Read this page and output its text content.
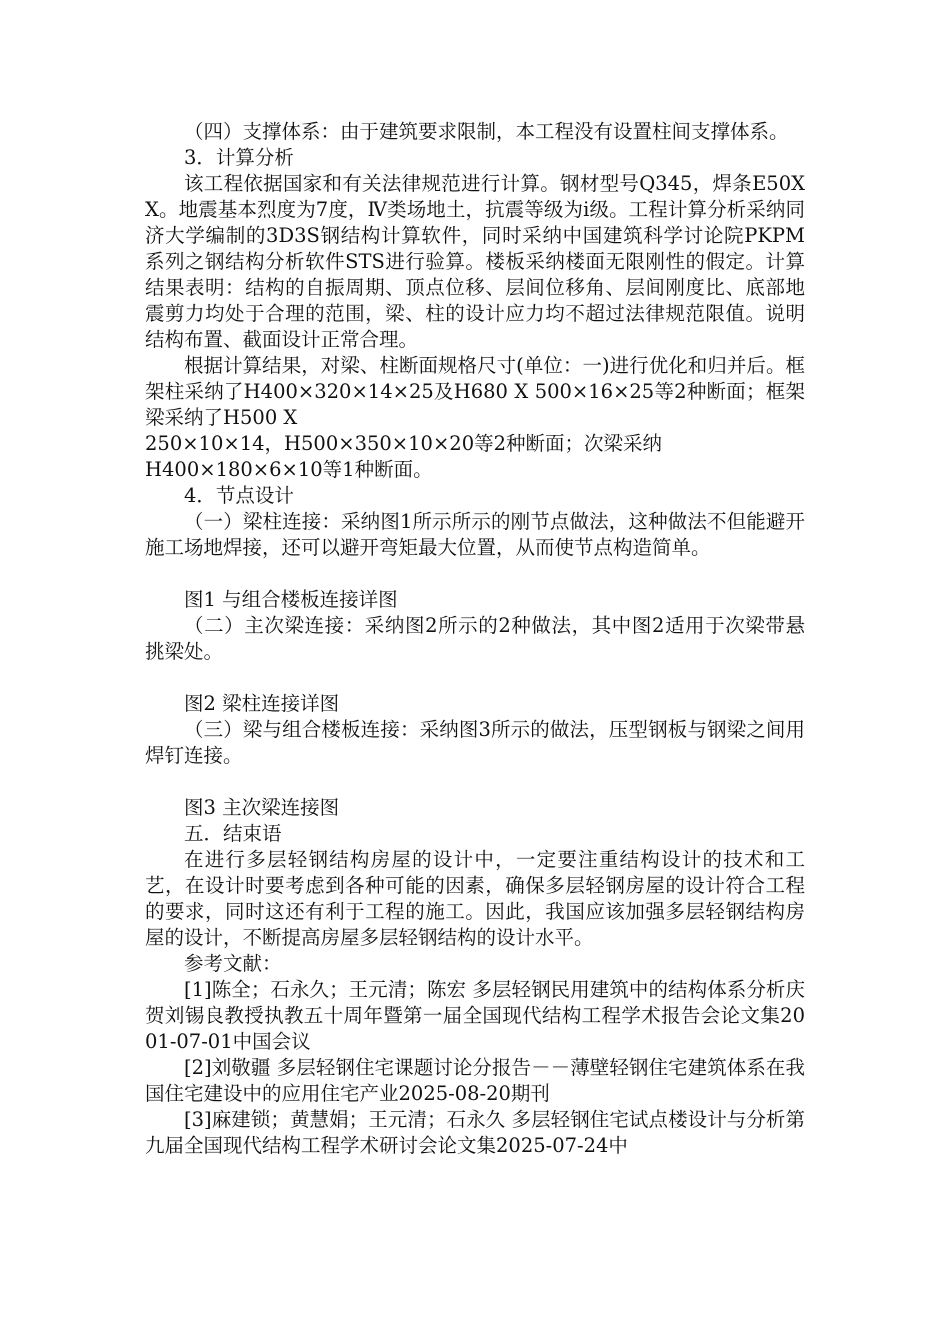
（四）支撑体系：由于建筑要求限制，本工程没有设置柱间支撑体系。

3．计算分析

该工程依据国家和有关法律规范进行计算。钢材型号Q345，焊条E50XX。地震基本烈度为7度，Ⅳ类场地土，抗震等级为ⅰ级。工程计算分析采纳同济大学编制的3D3S钢结构计算软件，同时采纳中国建筑科学讨论院PKPM系列之钢结构分析软件STS进行验算。楼板采纳楼面无限刚性的假定。计算结果表明：结构的自振周期、顶点位移、层间位移角、层间刚度比、底部地震剪力均处于合理的范围，梁、柱的设计应力均不超过法律规范限值。说明结构布置、截面设计正常合理。

根据计算结果，对梁、柱断面规格尺寸(单位：一)进行优化和归并后。框架柱采纳了H400×320×14×25及H680 X 500×16×25等2种断面；框架梁采纳了H500 X

250×10×14，H500×350×10×20等2种断面；次梁采纳

H400×180×6×10等1种断面。

4．节点设计

（一）梁柱连接：采纳图1所示所示的刚节点做法，这种做法不但能避开施工场地焊接，还可以避开弯矩最大位置，从而使节点构造简单。

图1 与组合楼板连接详图

（二）主次梁连接：采纳图2所示的2种做法，其中图2适用于次梁带悬挑梁处。

图2 梁柱连接详图

（三）梁与组合楼板连接：采纳图3所示的做法，压型钢板与钢梁之间用焊钉连接。

图3 主次梁连接图

五．结束语

在进行多层轻钢结构房屋的设计中，一定要注重结构设计的技术和工艺，在设计时要考虑到各种可能的因素，确保多层轻钢房屋的设计符合工程的要求，同时这还有利于工程的施工。因此，我国应该加强多层轻钢结构房屋的设计，不断提高房屋多层轻钢结构的设计水平。

参考文献：

[1]陈全；石永久；王元清；陈宏 多层轻钢民用建筑中的结构体系分析庆贺刘锡良教授执教五十周年暨第一届全国现代结构工程学术报告会论文集2001-07-01中国会议

[2]刘敬疆 多层轻钢住宅课题讨论分报告－－薄壁轻钢住宅建筑体系在我国住宅建设中的应用住宅产业2025-08-20期刊

[3]麻建锁；黄慧娟；王元清；石永久 多层轻钢住宅试点楼设计与分析第九届全国现代结构工程学术研讨会论文集2025-07-24中
